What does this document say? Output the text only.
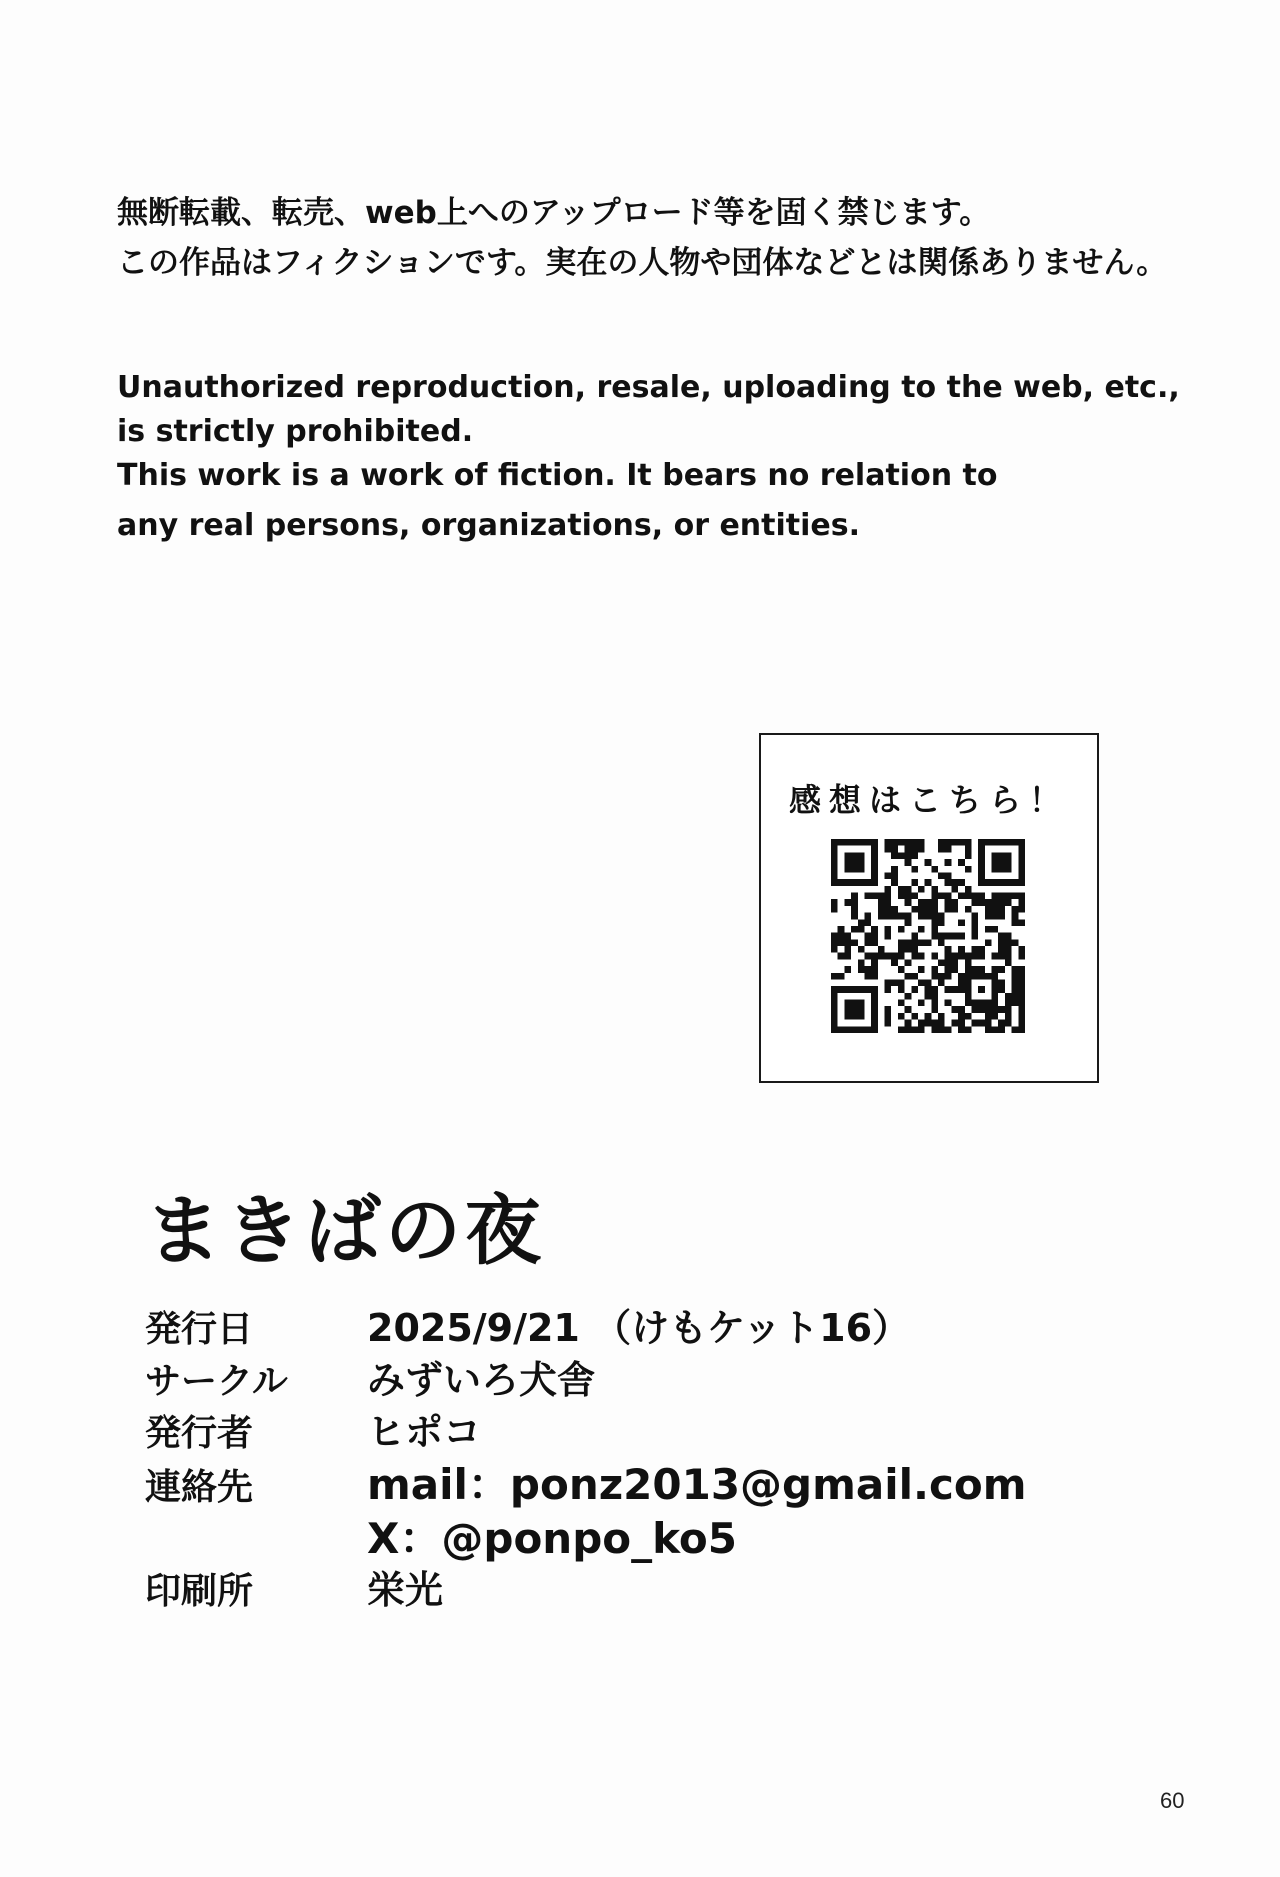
無断転載、転売、web上へのアップロード等を固く禁じます。
この作品はフィクションです。実在の人物や団体などとは関係ありません。
Unauthorized reproduction, resale, uploading to the web, etc.,
is strictly prohibited.
This work is a work of fiction. It bears no relation to
any real persons, organizations, or entities.
感想はこちら！
まきばの夜
発行日	2025/9/21 （けもケット16）
サークル	みずいろ犬舎
発行者	ヒポコ
連絡先	mail：ponz2013@gmail.com
X：@ponpo_ko5
印刷所	栄光
60
